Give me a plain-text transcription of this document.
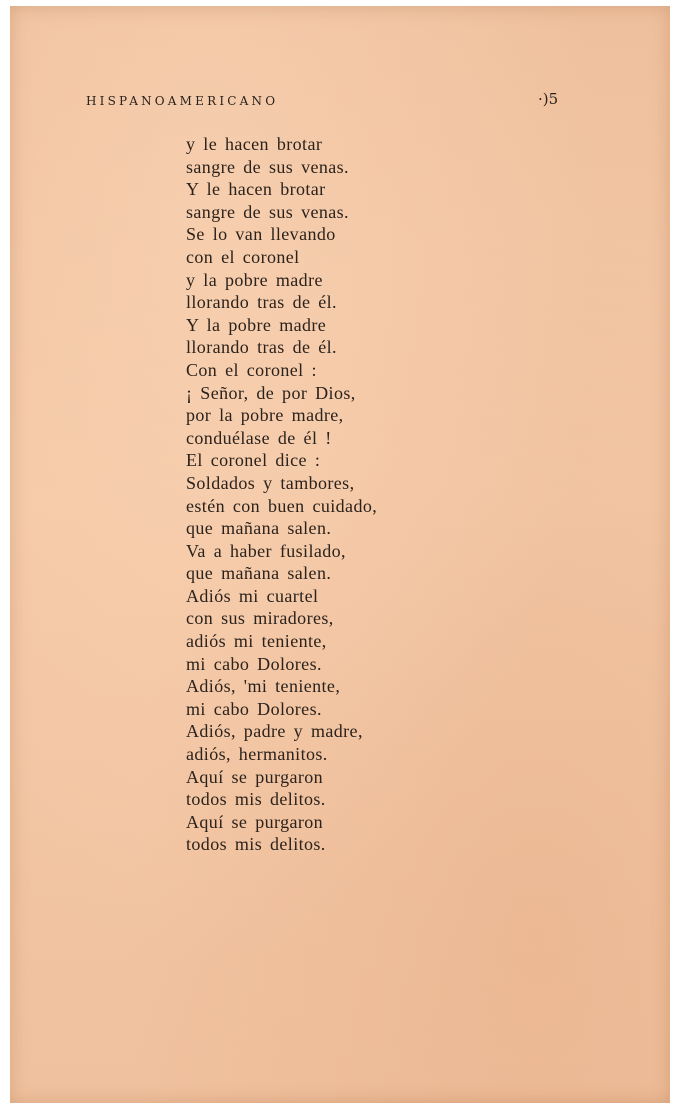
HISPANOAMERICANO	·)5
y le hacen brotar
sangre de sus venas.
Y le hacen brotar
sangre de sus venas.
Se lo van llevando
con el coronel
y la pobre madre
llorando tras de él.
Y la pobre madre
llorando tras de él.
Con el coronel :
¡ Señor, de por Dios,
por la pobre madre,
conduélase de él !
El coronel dice :
Soldados y tambores,
estén con buen cuidado,
que mañana salen.
Va a haber fusilado,
que mañana salen.
Adiós mi cuartel
con sus miradores,
adiós mi teniente,
mi cabo Dolores.
Adiós, 'mi teniente,
mi cabo Dolores.
Adiós, padre y madre,
adiós, hermanitos.
Aquí se purgaron
todos mis delitos.
Aquí se purgaron
todos mis delitos.
